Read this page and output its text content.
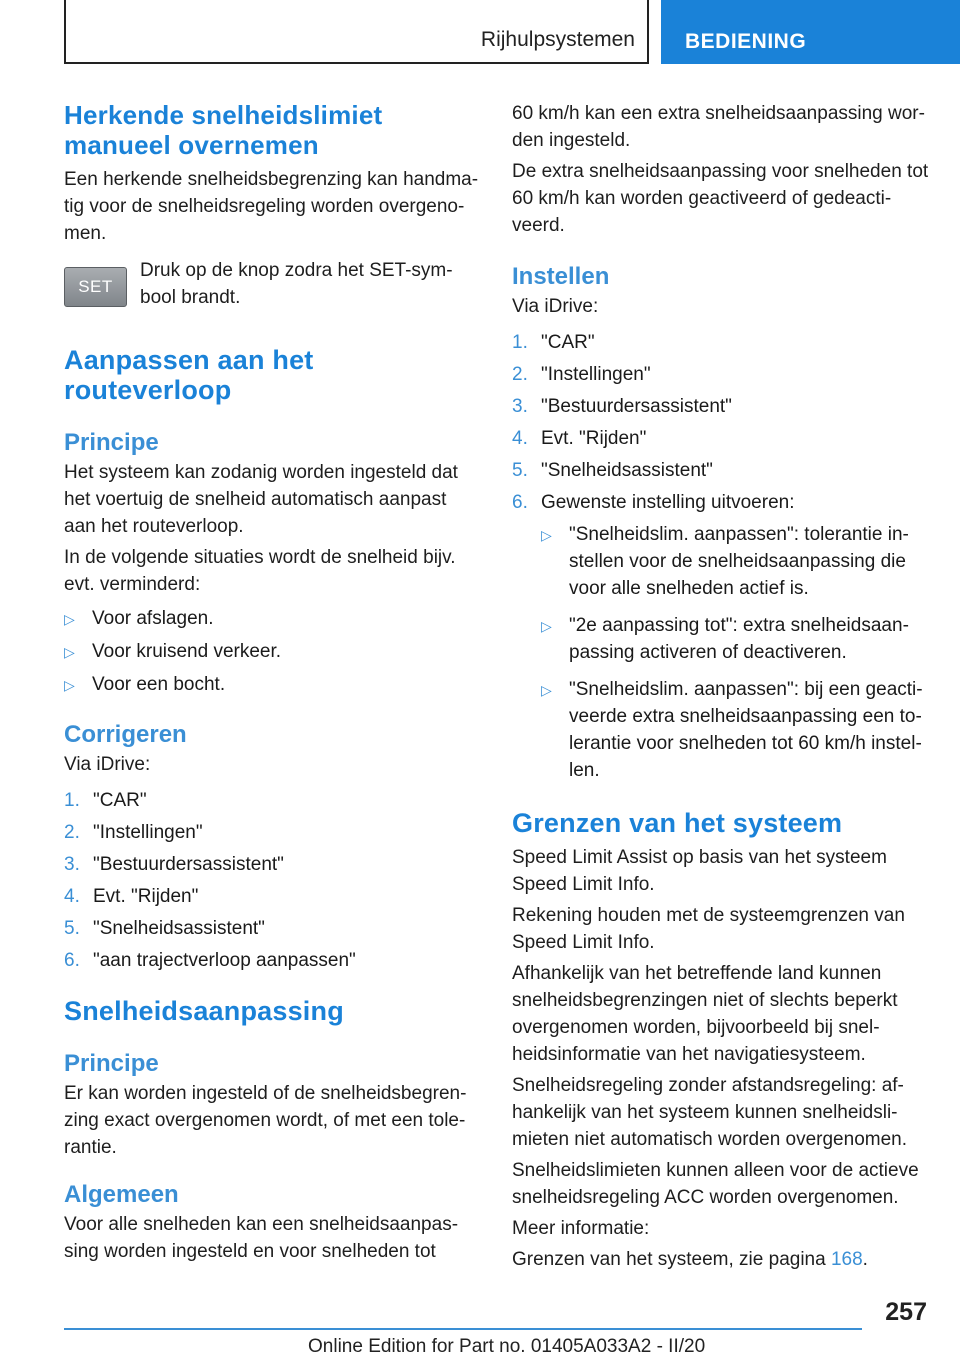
Rijhulpsystemen BEDIENING
Herkende snelheidslimiet manueel overnemen

Een herkende snelheidsbegrenzing kan handmatig voor de snelheidsregeling worden overgenomen.

SET

Druk op de knop zodra het SET-symbool brandt.

Aanpassen aan het routeverloop
Principe

Het systeem kan zodanig worden ingesteld dat het voertuig de snelheid automatisch aanpast aan het routeverloop.

In de volgende situaties wordt de snelheid bijv. evt. verminderd:

▷ Voor afslagen.
▷ Voor kruisend verkeer.
▷ Voor een bocht.
Corrigeren

Via iDrive:

1. "CAR"
2. "Instellingen"
3. "Bestuurdersassistent"
4. Evt. "Rijden"
5. "Snelheidsassistent"
6. "aan trajectverloop aanpassen"
Snelheidsaanpassing
Principe

Er kan worden ingesteld of de snelheidsbegrenzing exact overgenomen wordt, of met een tolerantie.

Algemeen

Voor alle snelheden kan een snelheidsaanpassing worden ingesteld en voor snelheden tot

60 km/h kan een extra snelheidsaanpassing worden ingesteld.

De extra snelheidsaanpassing voor snelheden tot 60 km/h kan worden geactiveerd of gedeactiveerd.

Instellen

Via iDrive:

1. "CAR"
2. "Instellingen"
3. "Bestuurdersassistent"
4. Evt. "Rijden"
5. "Snelheidsassistent"
6. Gewenste instelling uitvoeren:
▷ "Snelheidslim. aanpassen": tolerantie instellen voor de snelheidsaanpassing die voor alle snelheden actief is.
▷ "2e aanpassing tot": extra snelheidsaanpassing activeren of deactiveren.
▷ "Snelheidslim. aanpassen": bij een geactiveerde extra snelheidsaanpassing een tolerantie voor snelheden tot 60 km/h instellen.
Grenzen van het systeem

Speed Limit Assist op basis van het systeem Speed Limit Info.

Rekening houden met de systeemgrenzen van Speed Limit Info.

Afhankelijk van het betreffende land kunnen snelheidsbegrenzingen niet of slechts beperkt overgenomen worden, bijvoorbeeld bij snelheidsinformatie van het navigatiesysteem.

Snelheidsregeling zonder afstandsregeling: afhankelijk van het systeem kunnen snelheidslimieten niet automatisch worden overgenomen.

Snelheidslimieten kunnen alleen voor de actieve snelheidsregeling ACC worden overgenomen.

Meer informatie:

Grenzen van het systeem, zie pagina 168.

257
Online Edition for Part no. 01405A033A2 - II/20
